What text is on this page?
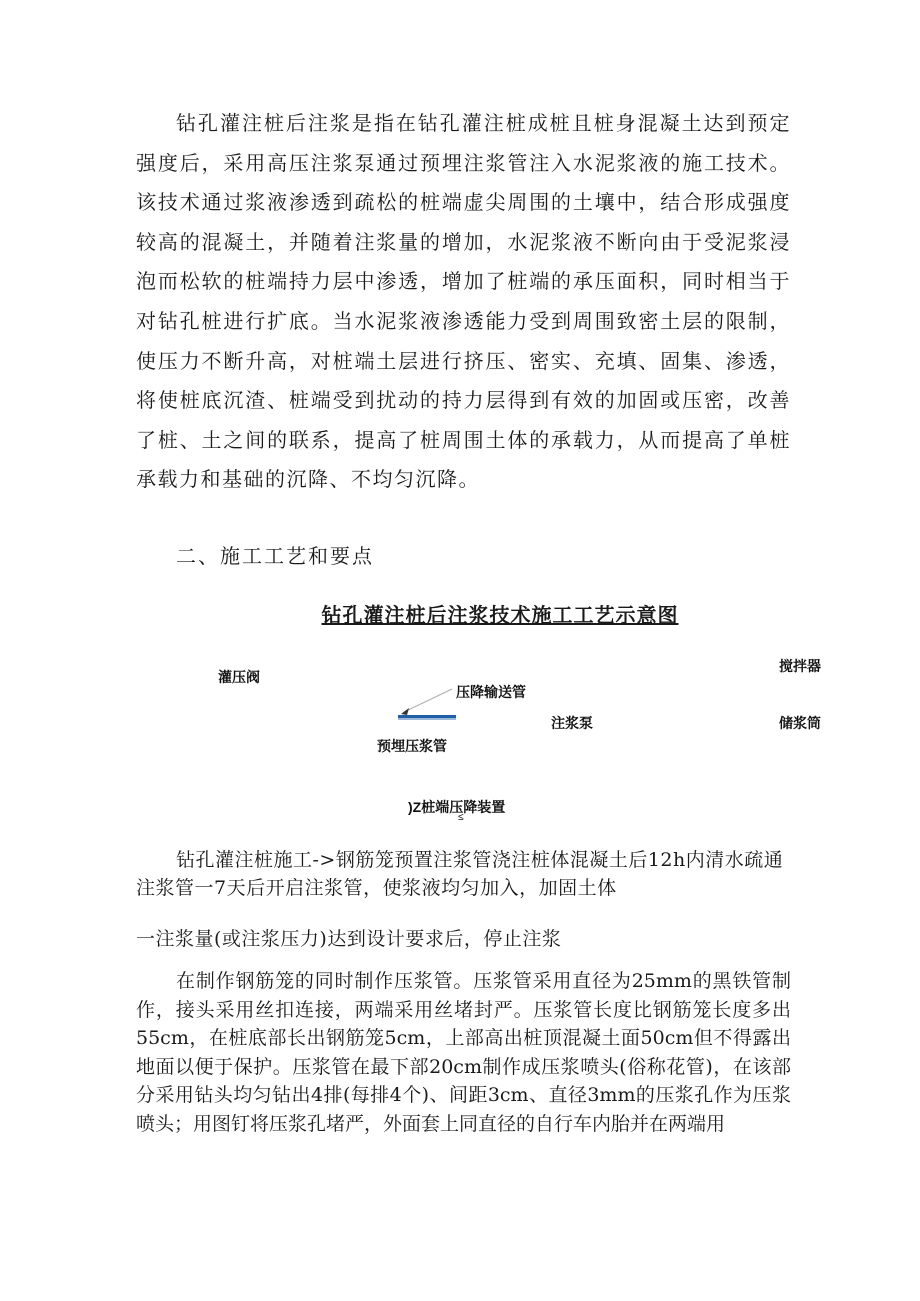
钻孔灌注桩后注浆是指在钻孔灌注桩成桩且桩身混凝土达到预定强度后，采用高压注浆泵通过预埋注浆管注入水泥浆液的施工技术。该技术通过浆液渗透到疏松的桩端虚尖周围的土壤中，结合形成强度较高的混凝土，并随着注浆量的增加，水泥浆液不断向由于受泥浆浸泡而松软的桩端持力层中渗透，增加了桩端的承压面积，同时相当于对钻孔桩进行扩底。当水泥浆液渗透能力受到周围致密土层的限制，使压力不断升高，对桩端土层进行挤压、密实、充填、固集、渗透，将使桩底沉渣、桩端受到扰动的持力层得到有效的加固或压密，改善了桩、土之间的联系，提高了桩周围土体的承载力，从而提高了单桩承载力和基础的沉降、不均匀沉降。

二、施工工艺和要点

钻孔灌注桩后注浆技术施工工艺示意图

灌压阀
搅拌器
压降输送管
注浆泵	储浆筒
预埋压浆管
)Z桩端压降装置
≤

钻孔灌注桩施工->钢筋笼预置注浆管浇注桩体混凝土后12h内清水疏通注浆管一7天后开启注浆管，使浆液均匀加入，加固土体

一注浆量(或注浆压力)达到设计要求后，停止注浆

在制作钢筋笼的同时制作压浆管。压浆管采用直径为25mm的黑铁管制作，接头采用丝扣连接，两端采用丝堵封严。压浆管长度比钢筋笼长度多出55cm，在桩底部长出钢筋笼5cm，上部高出桩顶混凝土面50cm但不得露出地面以便于保护。压浆管在最下部20cm制作成压浆喷头(俗称花管)，在该部分采用钻头均匀钻出4排(每排4个)、间距3cm、直径3mm的压浆孔作为压浆喷头；用图钉将压浆孔堵严，外面套上同直径的自行车内胎并在两端用
